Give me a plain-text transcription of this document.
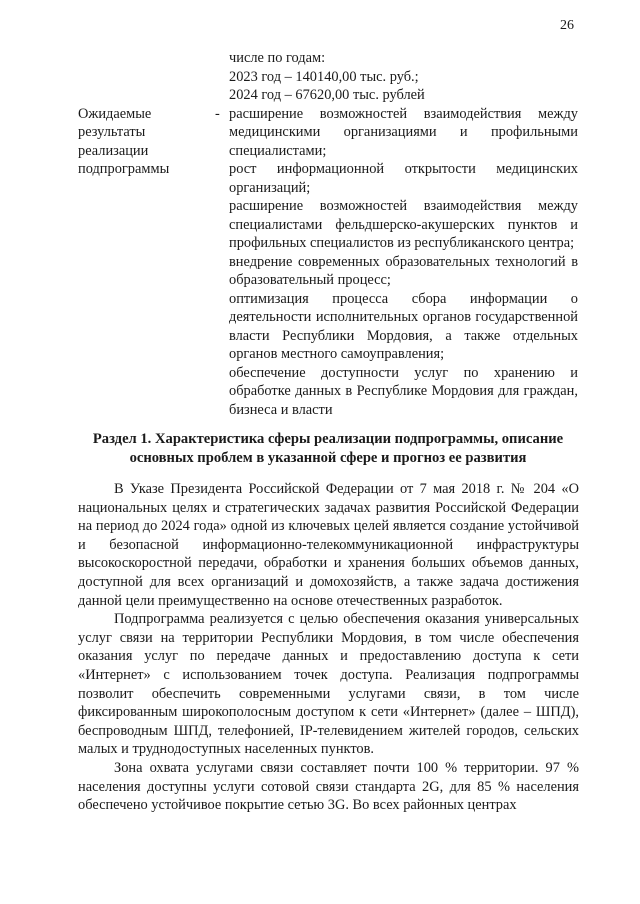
26
числе по годам:
2023 год – 140140,00 тыс. руб.;
2024 год – 67620,00 тыс. рублей
Ожидаемые результаты реализации подпрограммы
- расширение возможностей взаимодействия между медицинскими организациями и профильными специалистами;
рост информационной открытости медицинских организаций;
расширение возможностей взаимодействия между специалистами фельдшерско-акушерских пунктов и профильных специалистов из республиканского центра;
внедрение современных образовательных технологий в образовательный процесс;
оптимизация процесса сбора информации о деятельности исполнительных органов государственной власти Республики Мордовия, а также отдельных органов местного самоуправления;
обеспечение доступности услуг по хранению и обработке данных в Республике Мордовия для граждан, бизнеса и власти
Раздел 1. Характеристика сферы реализации подпрограммы, описание основных проблем в указанной сфере и прогноз ее развития

В Указе Президента Российской Федерации от 7 мая 2018 г. № 204 «О национальных целях и стратегических задачах развития Российской Федерации на период до 2024 года» одной из ключевых целей является создание устойчивой и безопасной информационно-телекоммуникационной инфраструктуры высокоскоростной передачи, обработки и хранения больших объемов данных, доступной для всех организаций и домохозяйств, а также задача достижения данной цели преимущественно на основе отечественных разработок.

Подпрограмма реализуется с целью обеспечения оказания универсальных услуг связи на территории Республики Мордовия, в том числе обеспечения оказания услуг по передаче данных и предоставлению доступа к сети «Интернет» с использованием точек доступа. Реализация подпрограммы позволит обеспечить современными услугами связи, в том числе фиксированным широкополосным доступом к сети «Интернет» (далее – ШПД), беспроводным ШПД, телефонией, IP-телевидением жителей городов, сельских малых и труднодоступных населенных пунктов.

Зона охвата услугами связи составляет почти 100 % территории. 97 % населения доступны услуги сотовой связи стандарта 2G, для 85 % населения обеспечено устойчивое покрытие сетью 3G. Во всех районных центрах
